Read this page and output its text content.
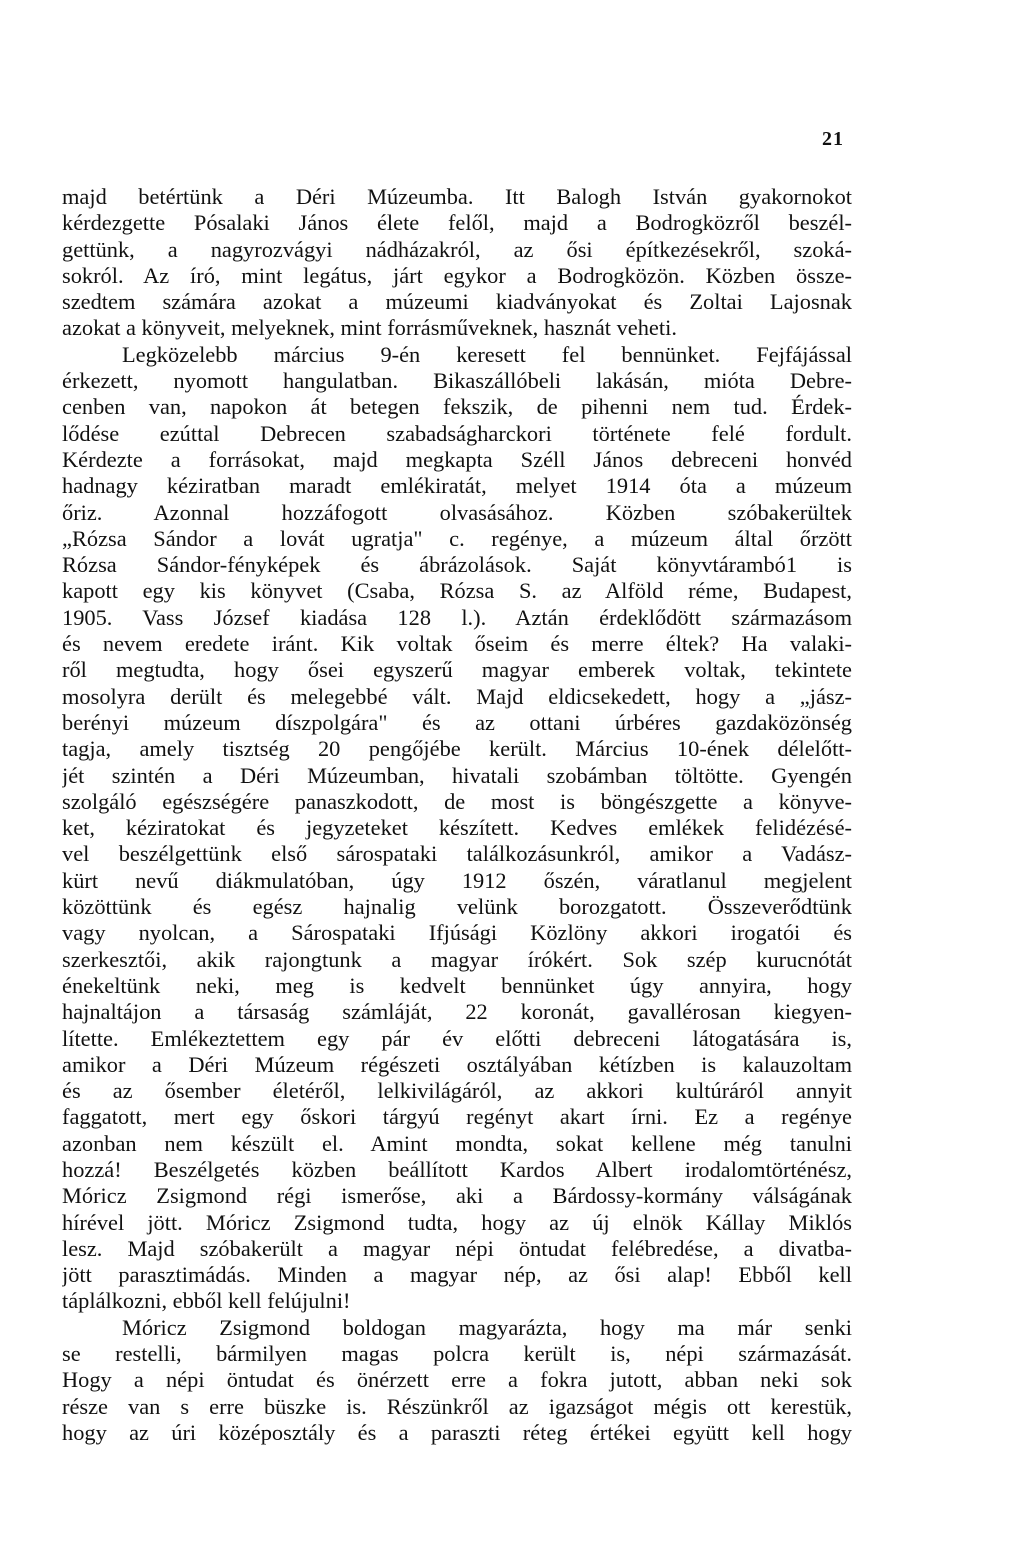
21
majd betértünk a Déri Múzeumba. Itt Balogh István gyakornokot
kérdezgette Pósalaki János élete felől, majd a Bodrogközről beszél-
gettünk, a nagyrozvágyi nádházakról, az ősi építkezésekről, szoká-
sokról. Az író, mint legátus, járt egykor a Bodrogközön. Közben össze-
szedtem számára azokat a múzeumi kiadványokat és Zoltai Lajosnak
azokat a könyveit, melyeknek, mint forrásműveknek, hasznát veheti.
Legközelebb március 9-én keresett fel bennünket. Fejfájással
érkezett, nyomott hangulatban. Bikaszállóbeli lakásán, mióta Debre-
cenben van, napokon át betegen fekszik, de pihenni nem tud. Érdek-
lődése ezúttal Debrecen szabadságharckori története felé fordult.
Kérdezte a forrásokat, majd megkapta Széll János debreceni honvéd
hadnagy kéziratban maradt emlékiratát, melyet 1914 óta a múzeum
őriz. Azonnal hozzáfogott olvasásához. Közben szóbakerültek
„Rózsa Sándor a lovát ugratja" c. regénye, a múzeum által őrzött
Rózsa Sándor-fényképek és ábrázolások. Saját könyvtárambó1 is
kapott egy kis könyvet (Csaba, Rózsa S. az Alföld réme, Budapest,
1905. Vass József kiadása 128 l.). Aztán érdeklődött származásom
és nevem eredete iránt. Kik voltak őseim és merre éltek? Ha valaki-
ről megtudta, hogy ősei egyszerű magyar emberek voltak, tekintete
mosolyra derült és melegebbé vált. Majd eldicsekedett, hogy a „jász-
berényi múzeum díszpolgára" és az ottani úrbéres gazdaközönség
tagja, amely tisztség 20 pengőjébe került. Március 10-ének délelőtt-
jét szintén a Déri Múzeumban, hivatali szobámban töltötte. Gyengén
szolgáló egészségére panaszkodott, de most is böngészgette a könyve-
ket, kéziratokat és jegyzeteket készített. Kedves emlékek felidézésé-
vel beszélgettünk első sárospataki találkozásunkról, amikor a Vadász-
kürt nevű diákmulatóban, úgy 1912 őszén, váratlanul megjelent
közöttünk és egész hajnalig velünk borozgatott. Összeverődtünk
vagy nyolcan, a Sárospataki Ifjúsági Közlöny akkori irogatói és
szerkesztői, akik rajongtunk a magyar írókért. Sok szép kurucnótát
énekeltünk neki, meg is kedvelt bennünket úgy annyira, hogy
hajnaltájon a társaság számláját, 22 koronát, gavallérosan kiegyen-
lítette. Emlékeztettem egy pár év előtti debreceni látogatására is,
amikor a Déri Múzeum régészeti osztályában kétízben is kalauzoltam
és az ősember életéről, lelkivilágáról, az akkori kultúráról annyit
faggatott, mert egy őskori tárgyú regényt akart írni. Ez a regénye
azonban nem készült el. Amint mondta, sokat kellene még tanulni
hozzá! Beszélgetés közben beállított Kardos Albert irodalomtörténész,
Móricz Zsigmond régi ismerőse, aki a Bárdossy-kormány válságának
hírével jött. Móricz Zsigmond tudta, hogy az új elnök Kállay Miklós
lesz. Majd szóbakerült a magyar népi öntudat felébredése, a divatba-
jött parasztimádás. Minden a magyar nép, az ősi alap! Ebből kell
táplálkozni, ebből kell felújulni!
Móricz Zsigmond boldogan magyarázta, hogy ma már senki
se restelli, bármilyen magas polcra került is, népi származását.
Hogy a népi öntudat és önérzett erre a fokra jutott, abban neki sok
része van s erre büszke is. Részünkről az igazságot mégis ott kerestük,
hogy az úri középosztály és a paraszti réteg értékei együtt kell hogy
